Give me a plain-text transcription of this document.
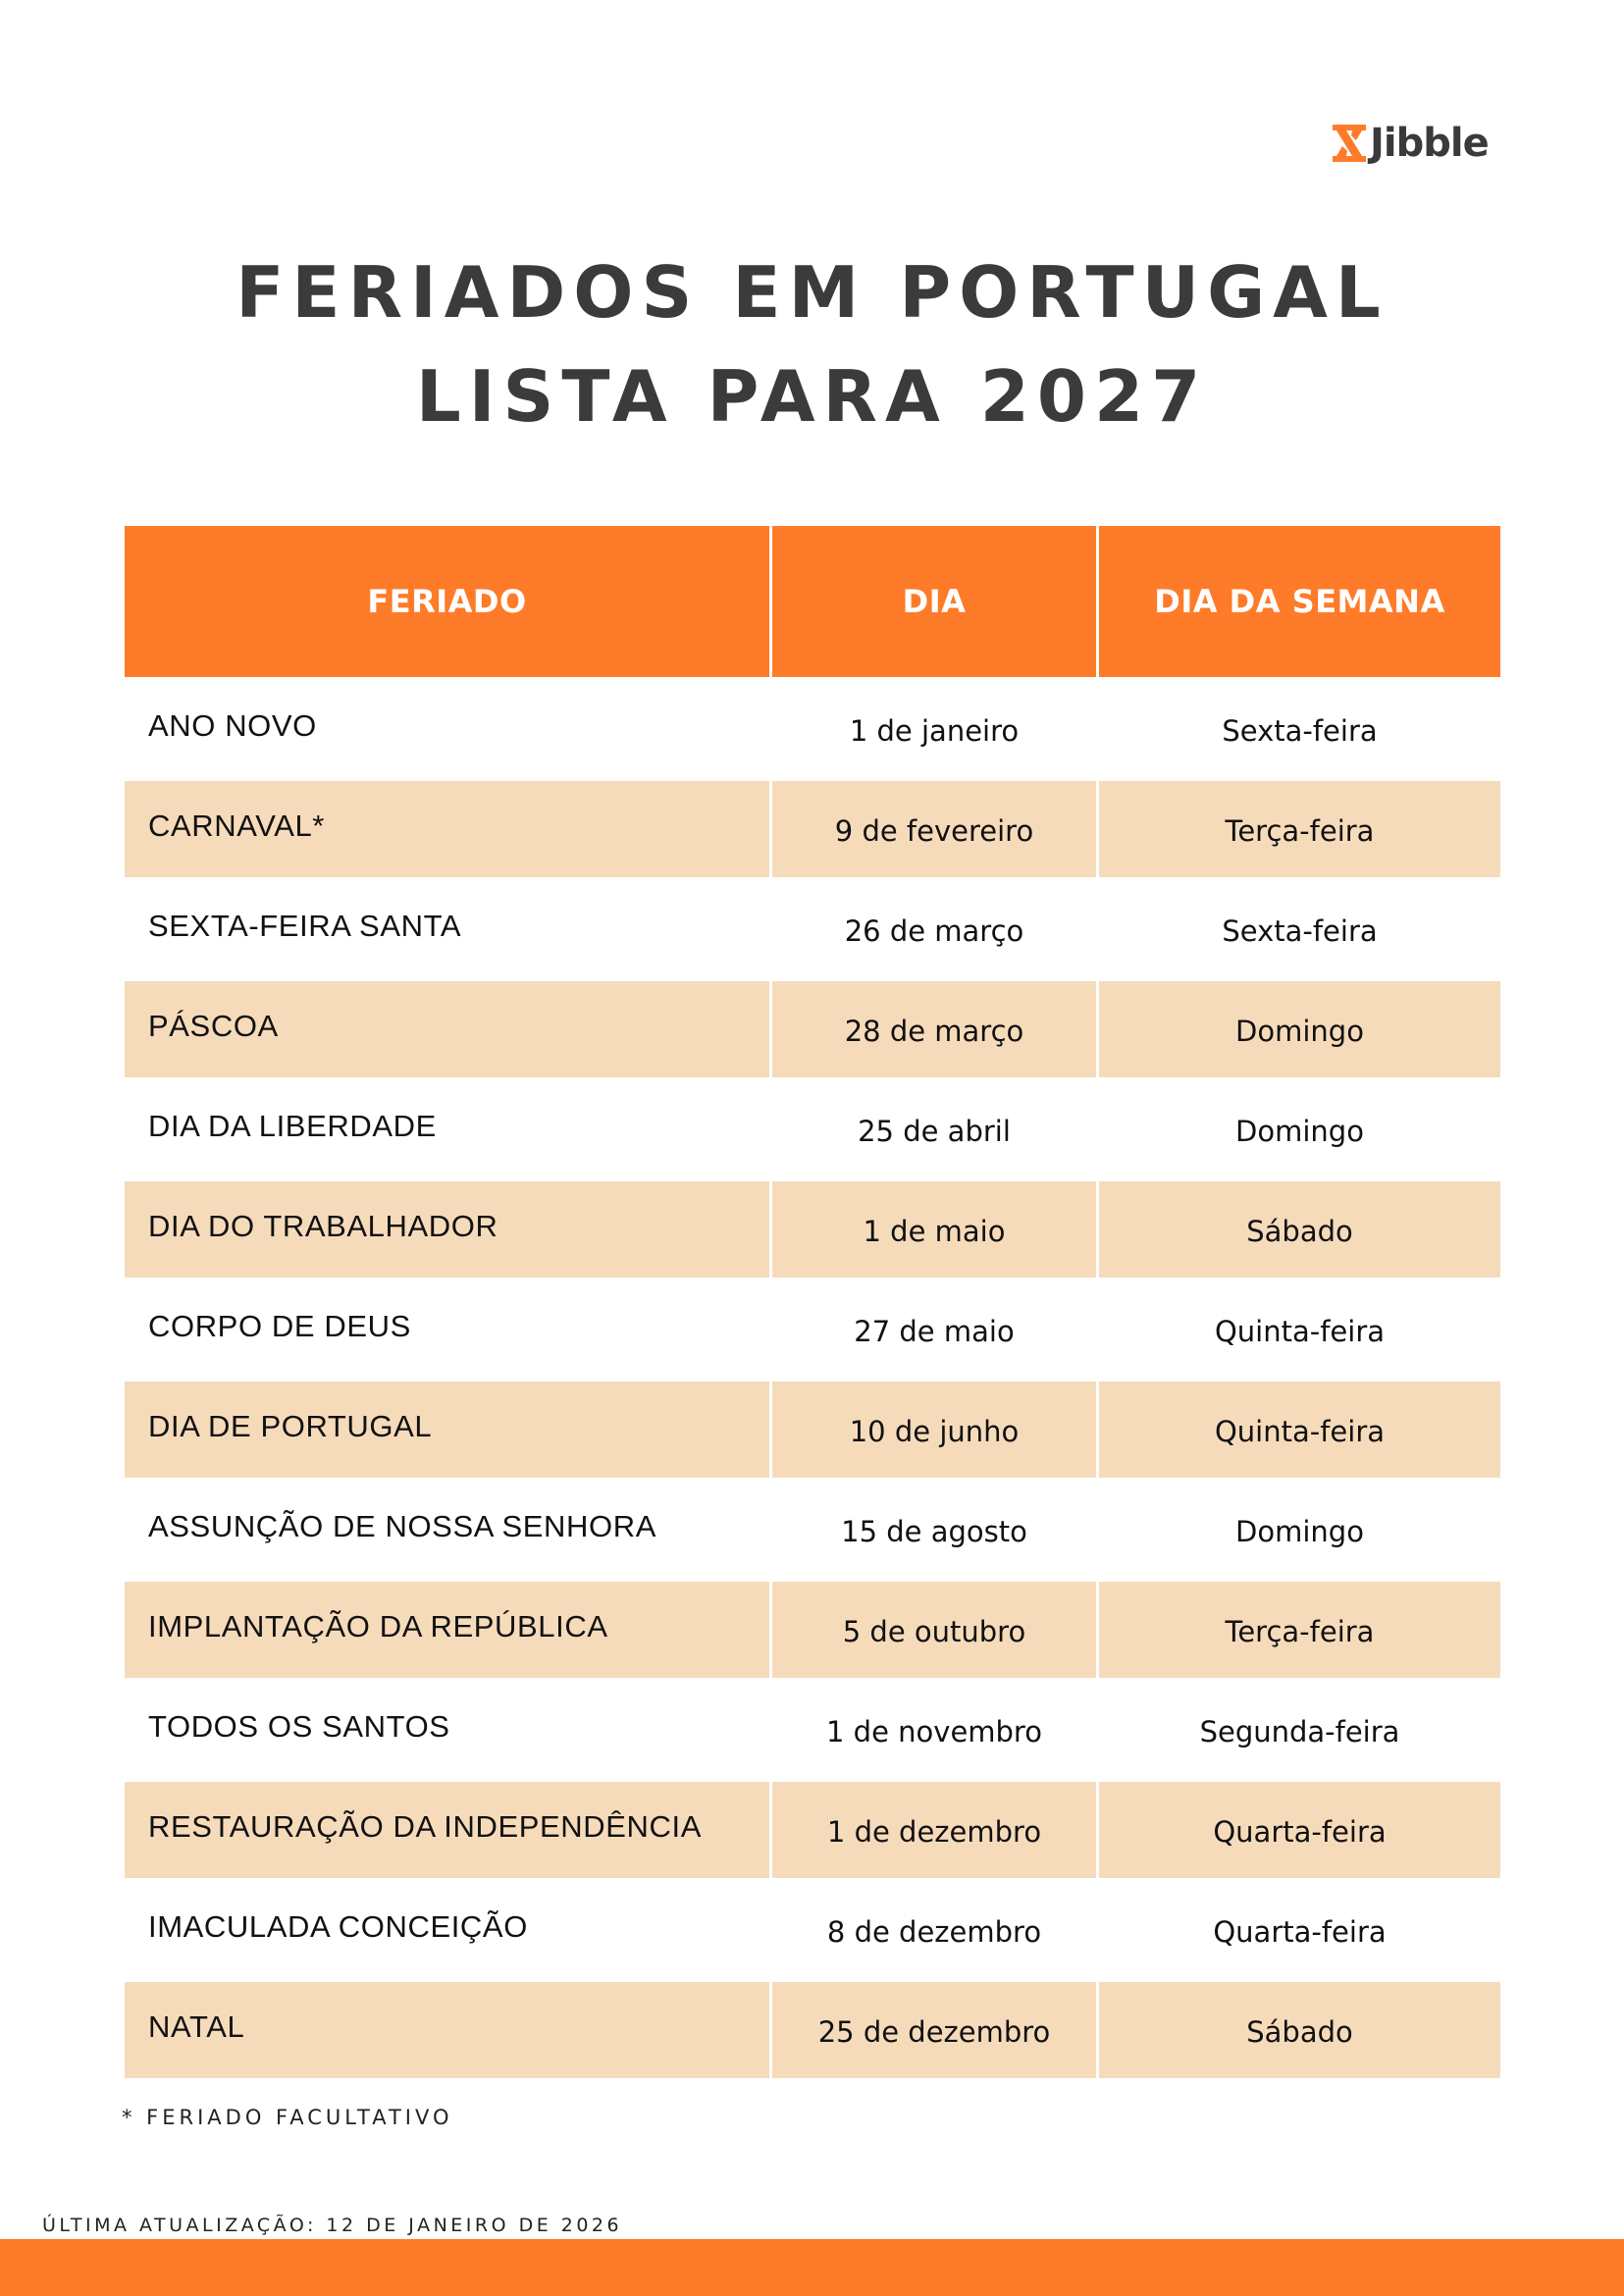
Jibble
FERIADOS EM PORTUGAL
LISTA PARA 2027
FERIADO	DIA	DIA DA SEMANA
ANO NOVO	1 de janeiro	Sexta-feira
CARNAVAL*	9 de fevereiro	Terça-feira
SEXTA-FEIRA SANTA	26 de março	Sexta-feira
PÁSCOA	28 de março	Domingo
DIA DA LIBERDADE	25 de abril	Domingo
DIA DO TRABALHADOR	1 de maio	Sábado
CORPO DE DEUS	27 de maio	Quinta-feira
DIA DE PORTUGAL	10 de junho	Quinta-feira
ASSUNÇÃO DE NOSSA SENHORA	15 de agosto	Domingo
IMPLANTAÇÃO DA REPÚBLICA	5 de outubro	Terça-feira
TODOS OS SANTOS	1 de novembro	Segunda-feira
RESTAURAÇÃO DA INDEPENDÊNCIA	1 de dezembro	Quarta-feira
IMACULADA CONCEIÇÃO	8 de dezembro	Quarta-feira
NATAL	25 de dezembro	Sábado
* FERIADO FACULTATIVO
ÚLTIMA ATUALIZAÇÃO: 12 DE JANEIRO DE 2026
